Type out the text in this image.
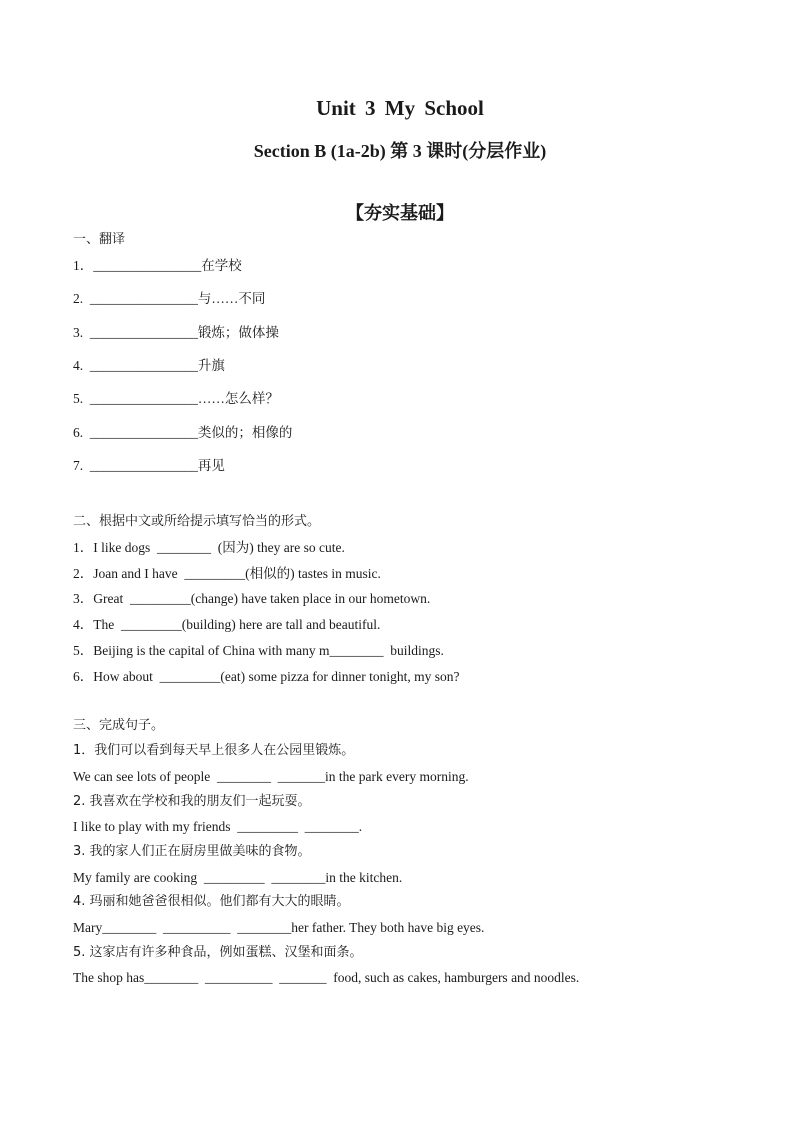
Unit 3 My School
Section B (1a-2b) 第 3 课时(分层作业)
【夯实基础】
一、翻译
1．________________在学校
2.  ________________与……不同
3.  ________________锻炼；做体操
4.  ________________升旗
5.  ________________……怎么样？
6.  ________________类似的；相像的
7.  ________________再见
二、根据中文或所给提示填写恰当的形式。
1．I like dogs  ________  (因为) they are so cute.
2．Joan and I have  _________(相似的) tastes in music.
3．Great  _________(change) have taken place in our hometown.
4．The  _________(building) here are tall and beautiful.
5．Beijing is the capital of China with many m________  buildings.
6．How about  _________(eat) some pizza for dinner tonight, my son?
三、完成句子。
1．我们可以看到每天早上很多人在公园里锻炼。
We can see lots of people  ________  _______in the park every morning.
2. 我喜欢在学校和我的朋友们一起玩耍。
I like to play with my friends  _________  ________.
3. 我的家人们正在厨房里做美味的食物。
My family are cooking  _________  ________in the kitchen.
4. 玛丽和她爸爸很相似。他们都有大大的眼睛。
Mary________  __________  ________her father. They both have big eyes.
5. 这家店有许多种食品，例如蛋糕、汉堡和面条。
The shop has________  __________  _______  food, such as cakes, hamburgers and noodles.
